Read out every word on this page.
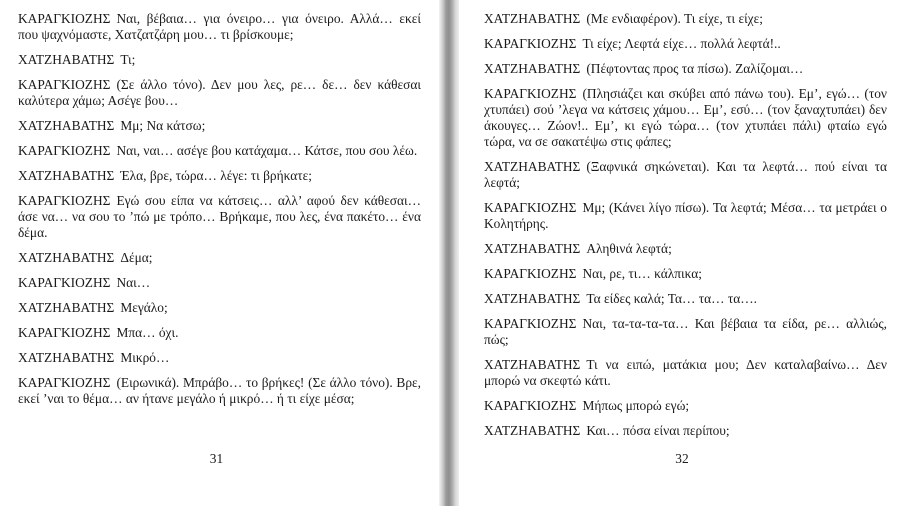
ΚΑΡΑΓΚΙΟΖΗΣ Ναι, βέβαια… για όνειρο… για όνειρο. Αλλά… εκεί που ψαχνόμαστε, Χατζατζάρη μου… τι βρίσκουμε;

ΧΑΤΖΗΑΒΑΤΗΣ Τι;

ΚΑΡΑΓΚΙΟΖΗΣ (Σε άλλο τόνο). Δεν μου λες, ρε… δε… δεν κάθεσαι καλύτερα χάμω; Ασέγε βου…

ΧΑΤΖΗΑΒΑΤΗΣ Μμ; Να κάτσω;

ΚΑΡΑΓΚΙΟΖΗΣ Ναι, ναι… ασέγε βου κατάχαμα… Κάτσε, που σου λέω.

ΧΑΤΖΗΑΒΑΤΗΣ Έλα, βρε, τώρα… λέγε: τι βρήκατε;

ΚΑΡΑΓΚΙΟΖΗΣ Εγώ σου είπα να κάτσεις… αλλ’ αφού δεν κάθεσαι… άσε να… να σου το ’πώ με τρόπο… Βρήκαμε, που λες, ένα πακέτο… ένα δέμα.

ΧΑΤΖΗΑΒΑΤΗΣ Δέμα;

ΚΑΡΑΓΚΙΟΖΗΣ Ναι…

ΧΑΤΖΗΑΒΑΤΗΣ Μεγάλο;

ΚΑΡΑΓΚΙΟΖΗΣ Μπα… όχι.

ΧΑΤΖΗΑΒΑΤΗΣ Μικρό…

ΚΑΡΑΓΚΙΟΖΗΣ (Ειρωνικά). Μπράβο… το βρήκες! (Σε άλλο τόνο). Βρε, εκεί ’ναι το θέμα… αν ήτανε μεγάλο ή μικρό… ή τι είχε μέσα;

31

ΧΑΤΖΗΑΒΑΤΗΣ (Με ενδιαφέρον). Τι είχε, τι είχε;

ΚΑΡΑΓΚΙΟΖΗΣ Τι είχε; Λεφτά είχε… πολλά λεφτά!..

ΧΑΤΖΗΑΒΑΤΗΣ (Πέφτοντας προς τα πίσω). Ζαλίζομαι…

ΚΑΡΑΓΚΙΟΖΗΣ (Πλησιάζει και σκύβει από πάνω του). Εμ’, εγώ… (τον χτυπάει) σού ’λεγα να κάτσεις χάμου… Εμ’, εσύ… (τον ξαναχτυπάει) δεν άκουγες… Ζώον!.. Εμ’, κι εγώ τώρα… (τον χτυπάει πάλι) φταίω εγώ τώρα, να σε σακατέψω στις φάπες;

ΧΑΤΖΗΑΒΑΤΗΣ (Ξαφνικά σηκώνεται). Και τα λεφτά… πού είναι τα λεφτά;

ΚΑΡΑΓΚΙΟΖΗΣ Μμ; (Κάνει λίγο πίσω). Τα λεφτά; Μέσα… τα μετράει ο Κολητήρης.

ΧΑΤΖΗΑΒΑΤΗΣ Αληθινά λεφτά;

ΚΑΡΑΓΚΙΟΖΗΣ Ναι, ρε, τι… κάλπικα;

ΧΑΤΖΗΑΒΑΤΗΣ Τα είδες καλά; Τα… τα… τα….

ΚΑΡΑΓΚΙΟΖΗΣ Ναι, τα-τα-τα-τα… Και βέβαια τα είδα, ρε… αλλιώς, πώς;

ΧΑΤΖΗΑΒΑΤΗΣ Τι να ειπώ, ματάκια μου; Δεν καταλαβαίνω… Δεν μπορώ να σκεφτώ κάτι.

ΚΑΡΑΓΚΙΟΖΗΣ Μήπως μπορώ εγώ;

ΧΑΤΖΗΑΒΑΤΗΣ Και… πόσα είναι περίπου;

32
